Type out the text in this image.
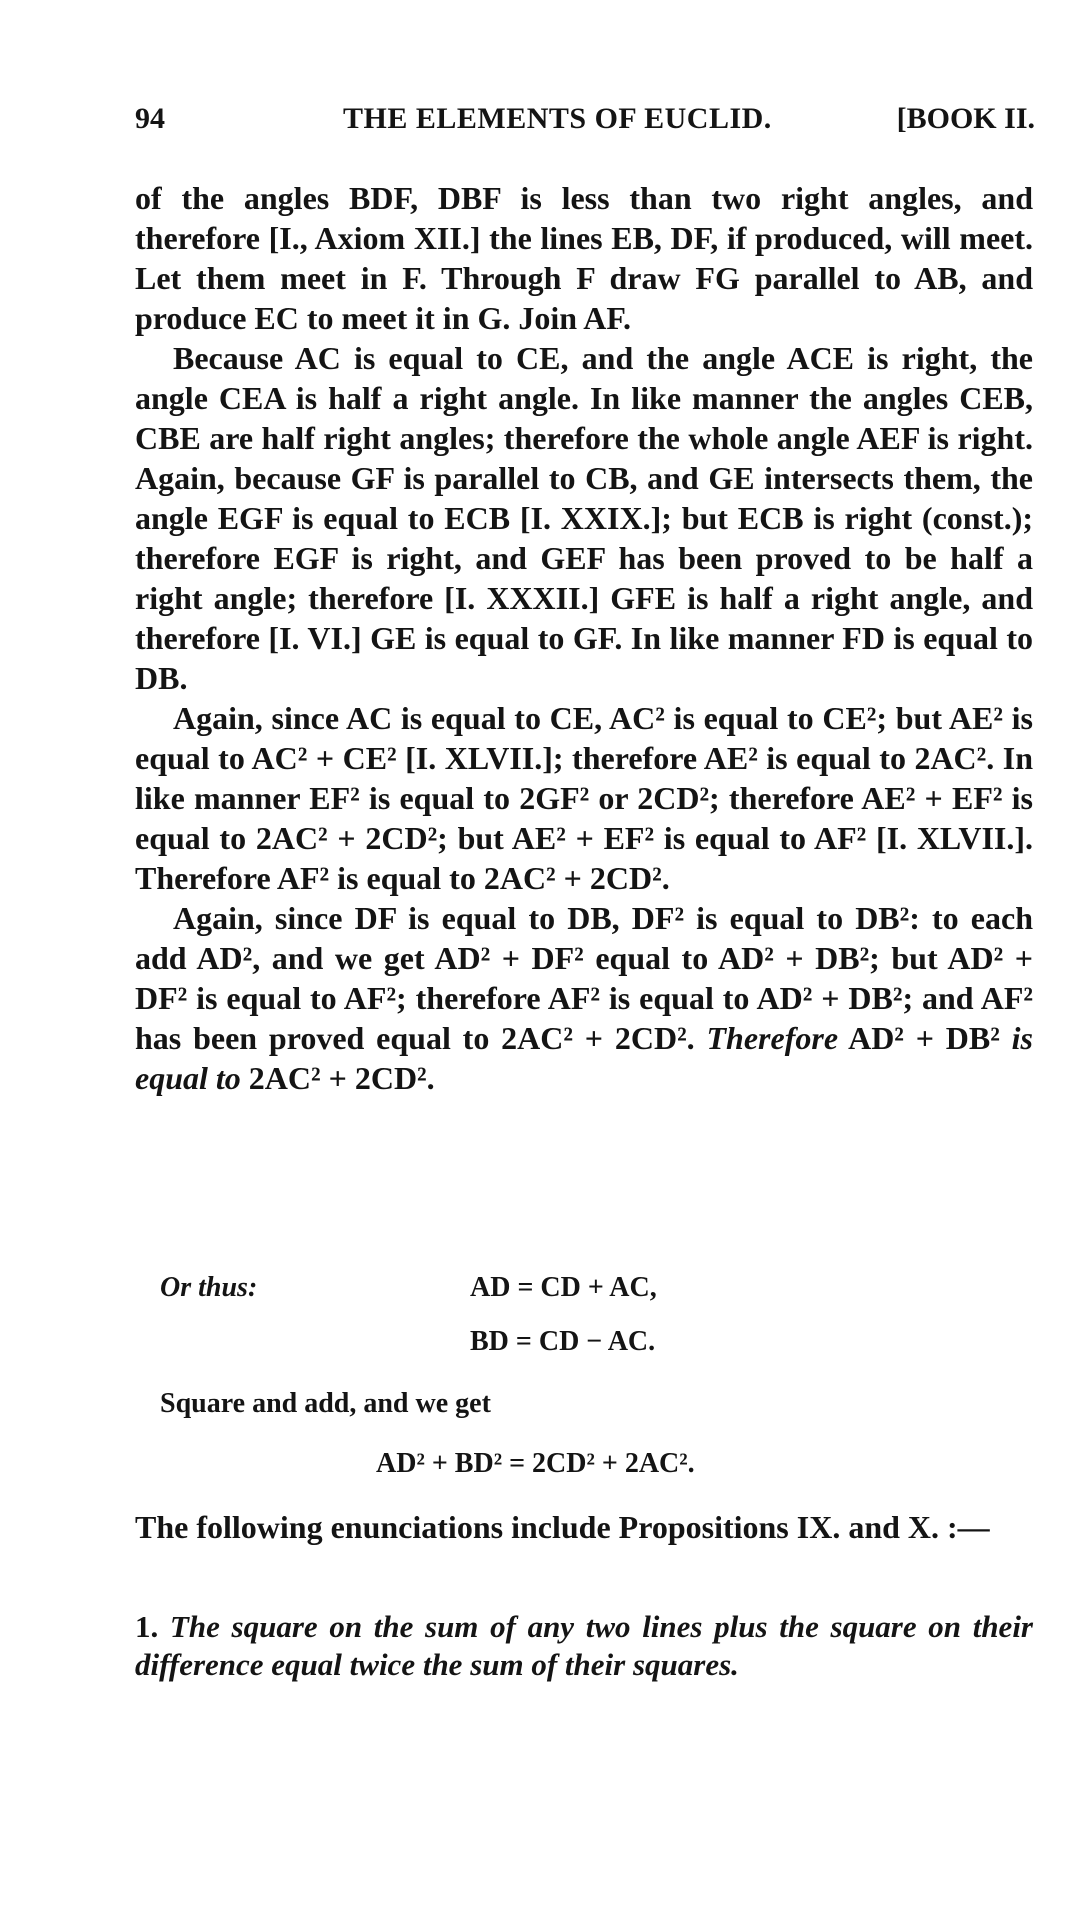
94	THE ELEMENTS OF EUCLID.	[BOOK II.

of the angles BDF, DBF is less than two right angles, and therefore [I., Axiom XII.] the lines EB, DF, if produced, will meet. Let them meet in F. Through F draw FG parallel to AB, and produce EC to meet it in G. Join AF.

Because AC is equal to CE, and the angle ACE is right, the angle CEA is half a right angle. In like manner the angles CEB, CBE are half right angles; therefore the whole angle AEF is right. Again, because GF is parallel to CB, and GE intersects them, the angle EGF is equal to ECB [I. XXIX.]; but ECB is right (const.); therefore EGF is right, and GEF has been proved to be half a right angle; therefore [I. XXXII.] GFE is half a right angle, and therefore [I. VI.] GE is equal to GF. In like manner FD is equal to DB.

Again, since AC is equal to CE, AC² is equal to CE²; but AE² is equal to AC² + CE² [I. XLVII.]; therefore AE² is equal to 2AC². In like manner EF² is equal to 2GF² or 2CD²; therefore AE² + EF² is equal to 2AC² + 2CD²; but AE² + EF² is equal to AF² [I. XLVII.]. Therefore AF² is equal to 2AC² + 2CD².

Again, since DF is equal to DB, DF² is equal to DB²: to each add AD², and we get AD² + DF² equal to AD² + DB²; but AD² + DF² is equal to AF²; therefore AF² is equal to AD² + DB²; and AF² has been proved equal to 2AC² + 2CD². Therefore AD² + DB² is equal to 2AC² + 2CD².

Or thus:	AD = CD + AC,
BD = CD − AC.
Square and add, and we get
AD² + BD² = 2CD² + 2AC².
The following enunciations include Propositions IX. and X. :—
1. The square on the sum of any two lines plus the square on their difference equal twice the sum of their squares.
